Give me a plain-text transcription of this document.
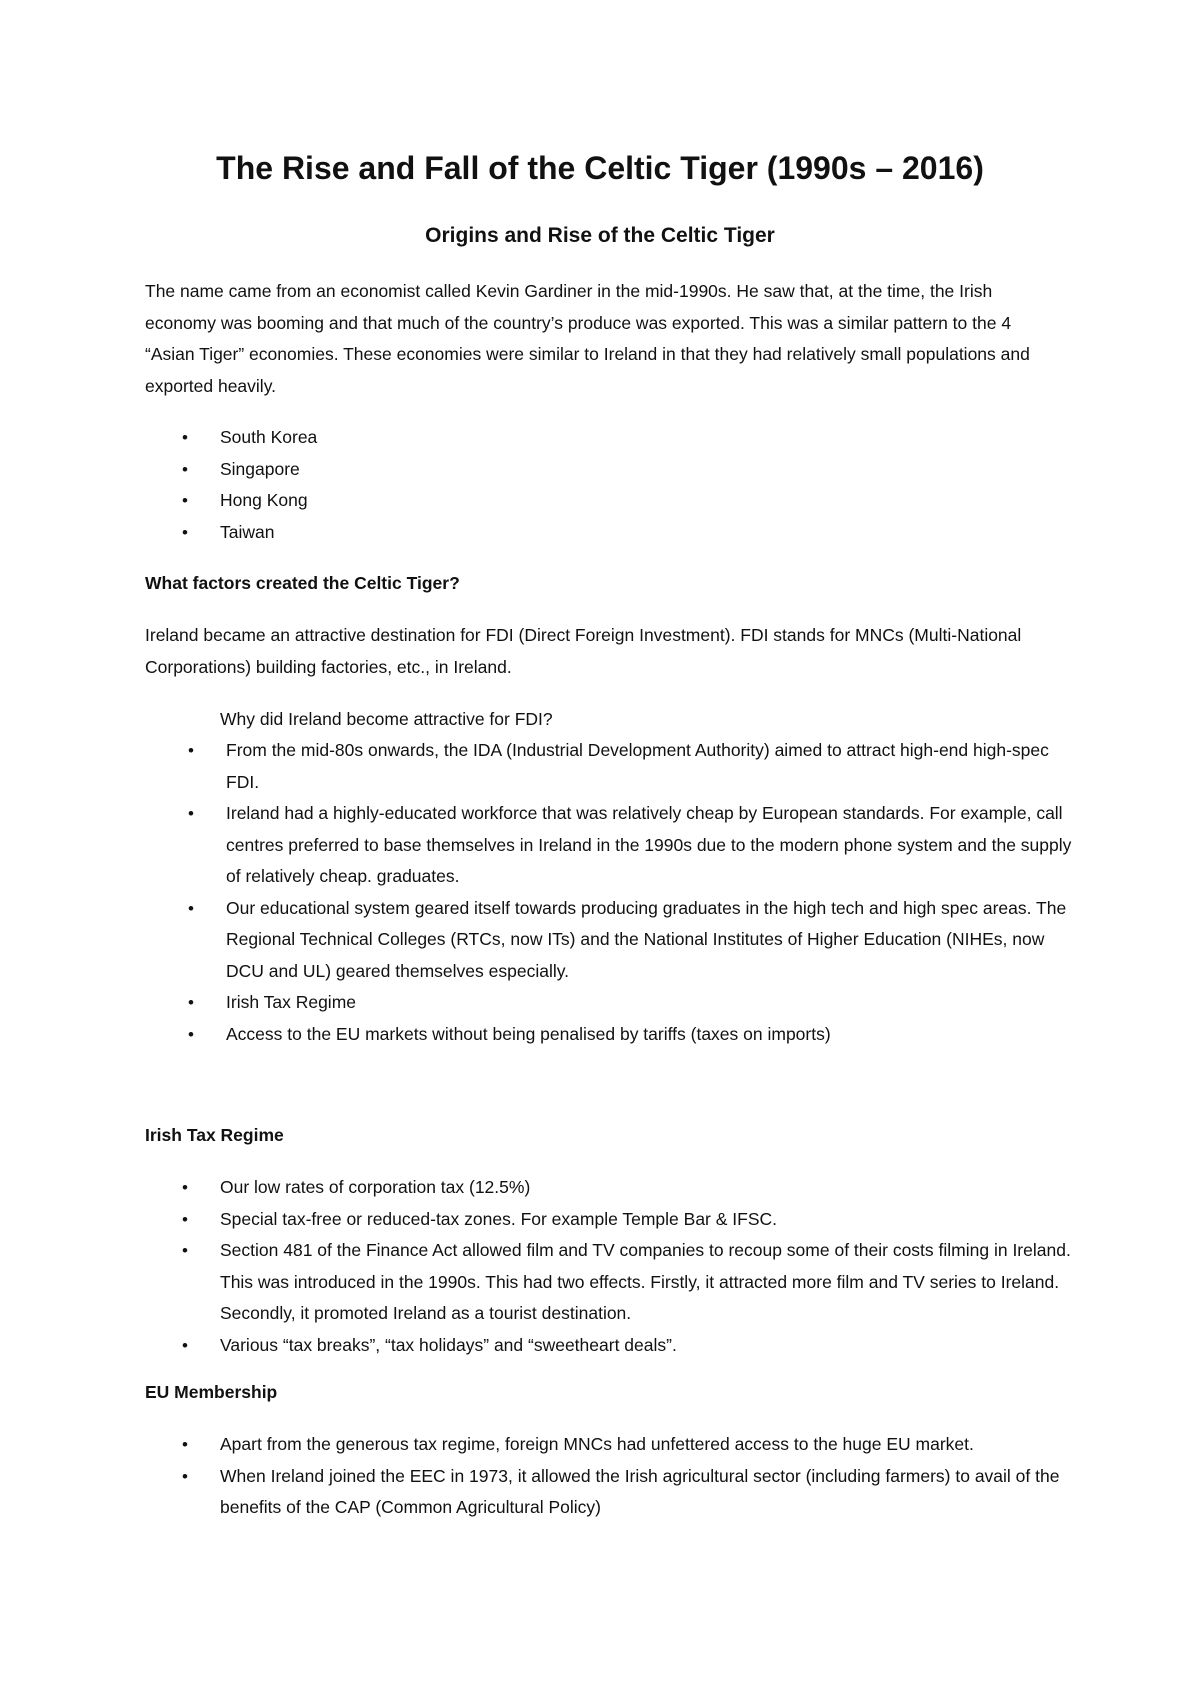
The Rise and Fall of the Celtic Tiger (1990s – 2016)
Origins and Rise of the Celtic Tiger

The name came from an economist called Kevin Gardiner in the mid-1990s. He saw that, at the time, the Irish economy was booming and that much of the country’s produce was exported. This was a similar pattern to the 4 “Asian Tiger” economies. These economies were similar to Ireland in that they had relatively small populations and exported heavily.

• South Korea
• Singapore
• Hong Kong
• Taiwan

What factors created the Celtic Tiger?

Ireland became an attractive destination for FDI (Direct Foreign Investment). FDI stands for MNCs (Multi-National Corporations) building factories, etc., in Ireland.

Why did Ireland become attractive for FDI?

• From the mid-80s onwards, the IDA (Industrial Development Authority) aimed to attract high-end high-spec FDI.
• Ireland had a highly-educated workforce that was relatively cheap by European standards. For example, call centres preferred to base themselves in Ireland in the 1990s due to the modern phone system and the supply of relatively cheap. graduates.
• Our educational system geared itself towards producing graduates in the high tech and high spec areas. The Regional Technical Colleges (RTCs, now ITs) and the National Institutes of Higher Education (NIHEs, now DCU and UL) geared themselves especially.
• Irish Tax Regime
• Access to the EU markets without being penalised by tariffs (taxes on imports)

Irish Tax Regime

• Our low rates of corporation tax (12.5%)
• Special tax-free or reduced-tax zones. For example Temple Bar & IFSC.
• Section 481 of the Finance Act allowed film and TV companies to recoup some of their costs filming in Ireland. This was introduced in the 1990s. This had two effects. Firstly, it attracted more film and TV series to Ireland. Secondly, it promoted Ireland as a tourist destination.
• Various “tax breaks”, “tax holidays” and “sweetheart deals”.

EU Membership

• Apart from the generous tax regime, foreign MNCs had unfettered access to the huge EU market.
• When Ireland joined the EEC in 1973, it allowed the Irish agricultural sector (including farmers) to avail of the benefits of the CAP (Common Agricultural Policy)
